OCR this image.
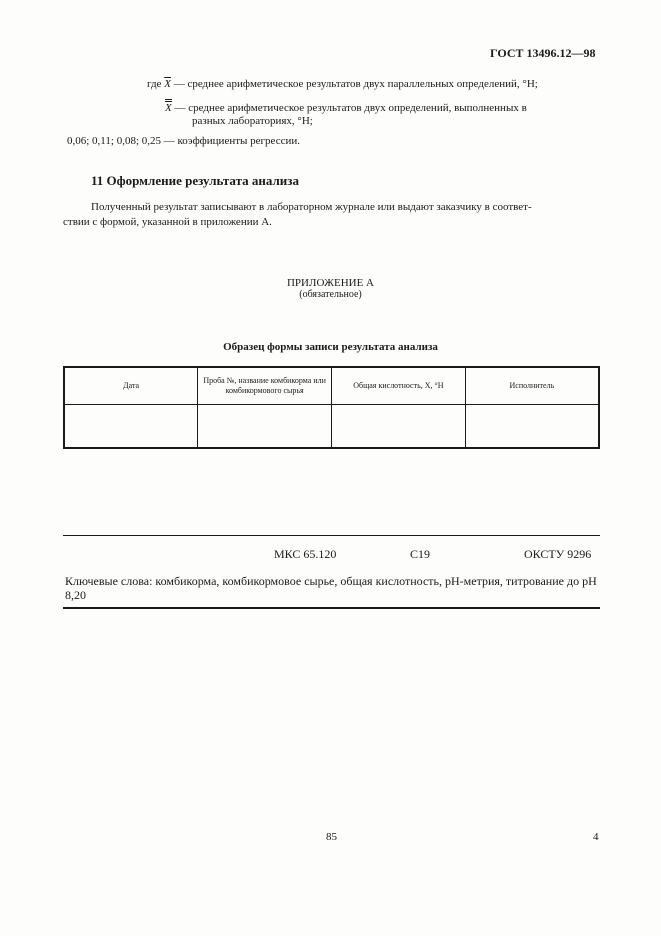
ГОСТ 13496.12—98
где $\overline{X}$ — среднее арифметическое результатов двух параллельных определений, °Н;
X — среднее арифметическое результатов двух определений, выполненных в
разных лабораториях, °Н;
0,06; 0,11; 0,08; 0,25 — коэффициенты регрессии.
11 Оформление результата анализа
Полученный результат записывают в лабораторном журнале или выдают заказчику в соответ-
ствии с формой, указанной в приложении А.
ПРИЛОЖЕНИЕ А
(обязательное)
Образец формы записи результата анализа
Дата	Проба №, название комбикорма или комбикормового сырья	Общая кислотность, X, °Н	Исполнитель

МКС 65.120	С19	ОКСТУ 9296
Ключевые слова: комбикорма, комбикормовое сырье, общая кислотность, pH-метрия, титрование до pH 8,20
85	4
